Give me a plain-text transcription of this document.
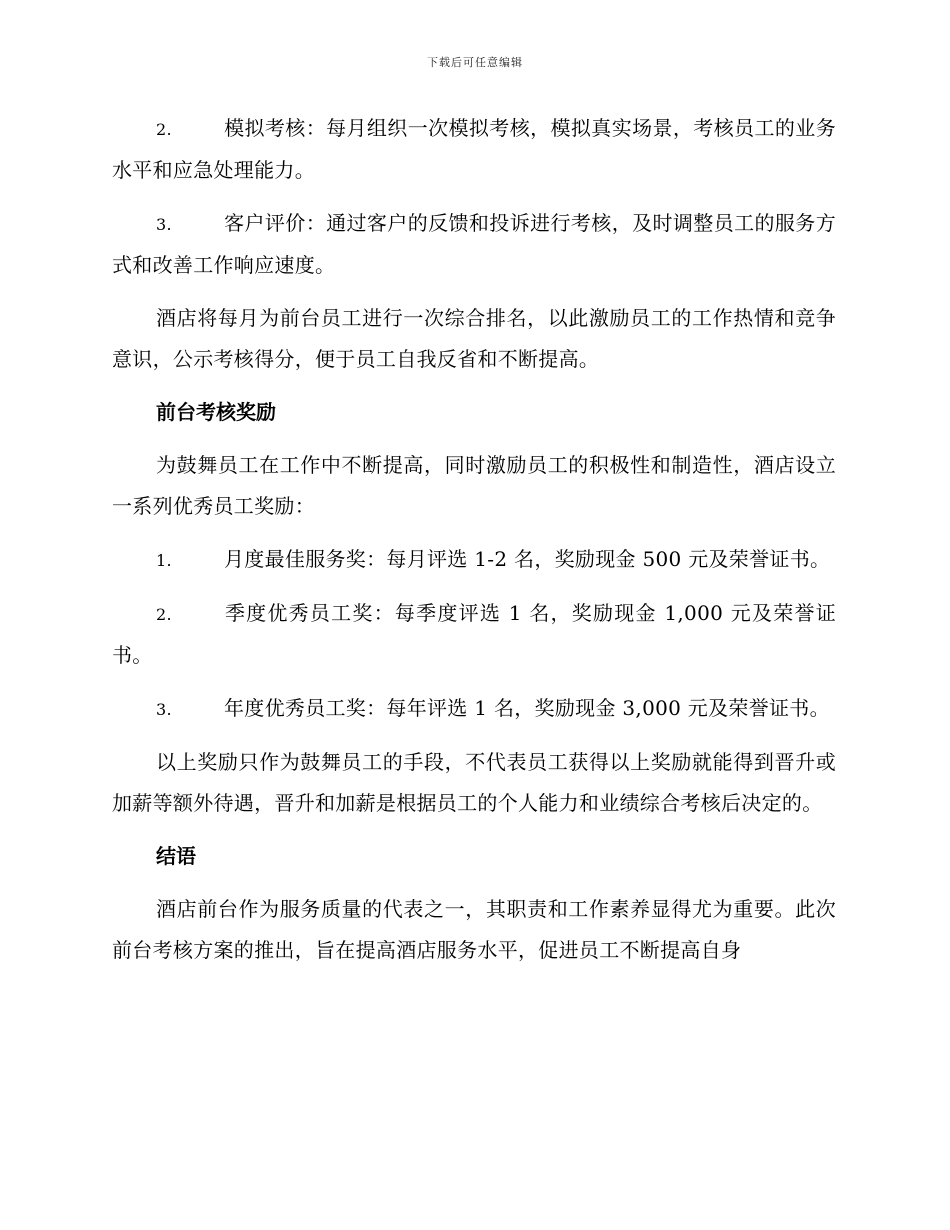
下载后可任意编辑

2.	模拟考核：每月组织一次模拟考核，模拟真实场景，考核员工的业务水平和应急处理能力。

3.	客户评价：通过客户的反馈和投诉进行考核，及时调整员工的服务方式和改善工作响应速度。

酒店将每月为前台员工进行一次综合排名，以此激励员工的工作热情和竞争意识，公示考核得分，便于员工自我反省和不断提高。

前台考核奖励

为鼓舞员工在工作中不断提高，同时激励员工的积极性和制造性，酒店设立一系列优秀员工奖励：

1.	月度最佳服务奖：每月评选 1-2 名，奖励现金 500 元及荣誉证书。

2.	季度优秀员工奖：每季度评选 1 名，奖励现金 1,000 元及荣誉证书。

3.	年度优秀员工奖：每年评选 1 名，奖励现金 3,000 元及荣誉证书。

以上奖励只作为鼓舞员工的手段，不代表员工获得以上奖励就能得到晋升或加薪等额外待遇，晋升和加薪是根据员工的个人能力和业绩综合考核后决定的。

结语

酒店前台作为服务质量的代表之一，其职责和工作素养显得尤为重要。此次前台考核方案的推出，旨在提高酒店服务水平，促进员工不断提高自身
